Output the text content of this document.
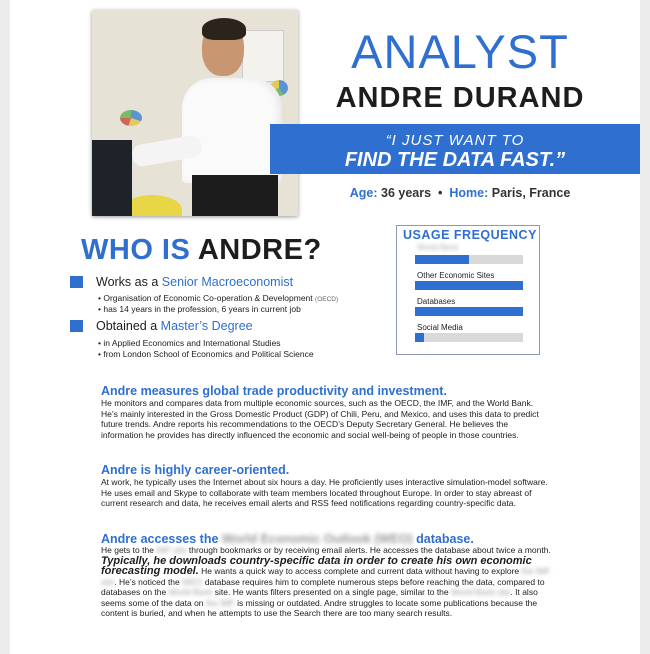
ANALYST
ANDRE DURAND
“I JUST WANT TO
FIND THE DATA FAST.”
Age: 36 years • Home: Paris, France
WHO IS ANDRE?
Works as a Senior Macroeconomist
• Organisation of Economic Co-operation & Development (OECD)
• has 14 years in the profession, 6 years in current job
Obtained a Master’s Degree
• in Applied Economics and International Studies
• from London School of Economics and Political Science
USAGE FREQUENCY
World Bank
Other Economic Sites
Databases
Social Media
Andre measures global trade productivity and investment.
He monitors and compares data from multiple economic sources, such as the OECD, the IMF, and the World Bank. He’s mainly interested in the Gross Domestic Product (GDP) of Chili, Peru, and Mexico, and uses this data to predict future trends. Andre reports his recommendations to the OECD’s Deputy Secretary General. He believes the information he provides has directly influenced the economic and social well-being of people in those countries.
Andre is highly career-oriented.
At work, he typically uses the Internet about six hours a day. He proficiently uses interactive simulation-model software. He uses email and Skype to collaborate with team members located throughout Europe. In order to stay abreast of current research and data, he receives email alerts and RSS feed notifications regarding country-specific data.
Andre accesses the World Economic Outlook (WEO) database.
He gets to the IMF site through bookmarks or by receiving email alerts. He accesses the database about twice a month. Typically, he downloads country-specific data in order to create his own economic forecasting model. He wants a quick way to access complete and current data without having to explore the IMF site. He’s noticed the WEO database requires him to complete numerous steps before reaching the data, compared to databases on the World Bank site. He wants filters presented on a single page, similar to the World Bank site. It also seems some of the data on the IMF is missing or outdated. Andre struggles to locate some publications because the content is buried, and when he attempts to use the Search there are too many search results.
